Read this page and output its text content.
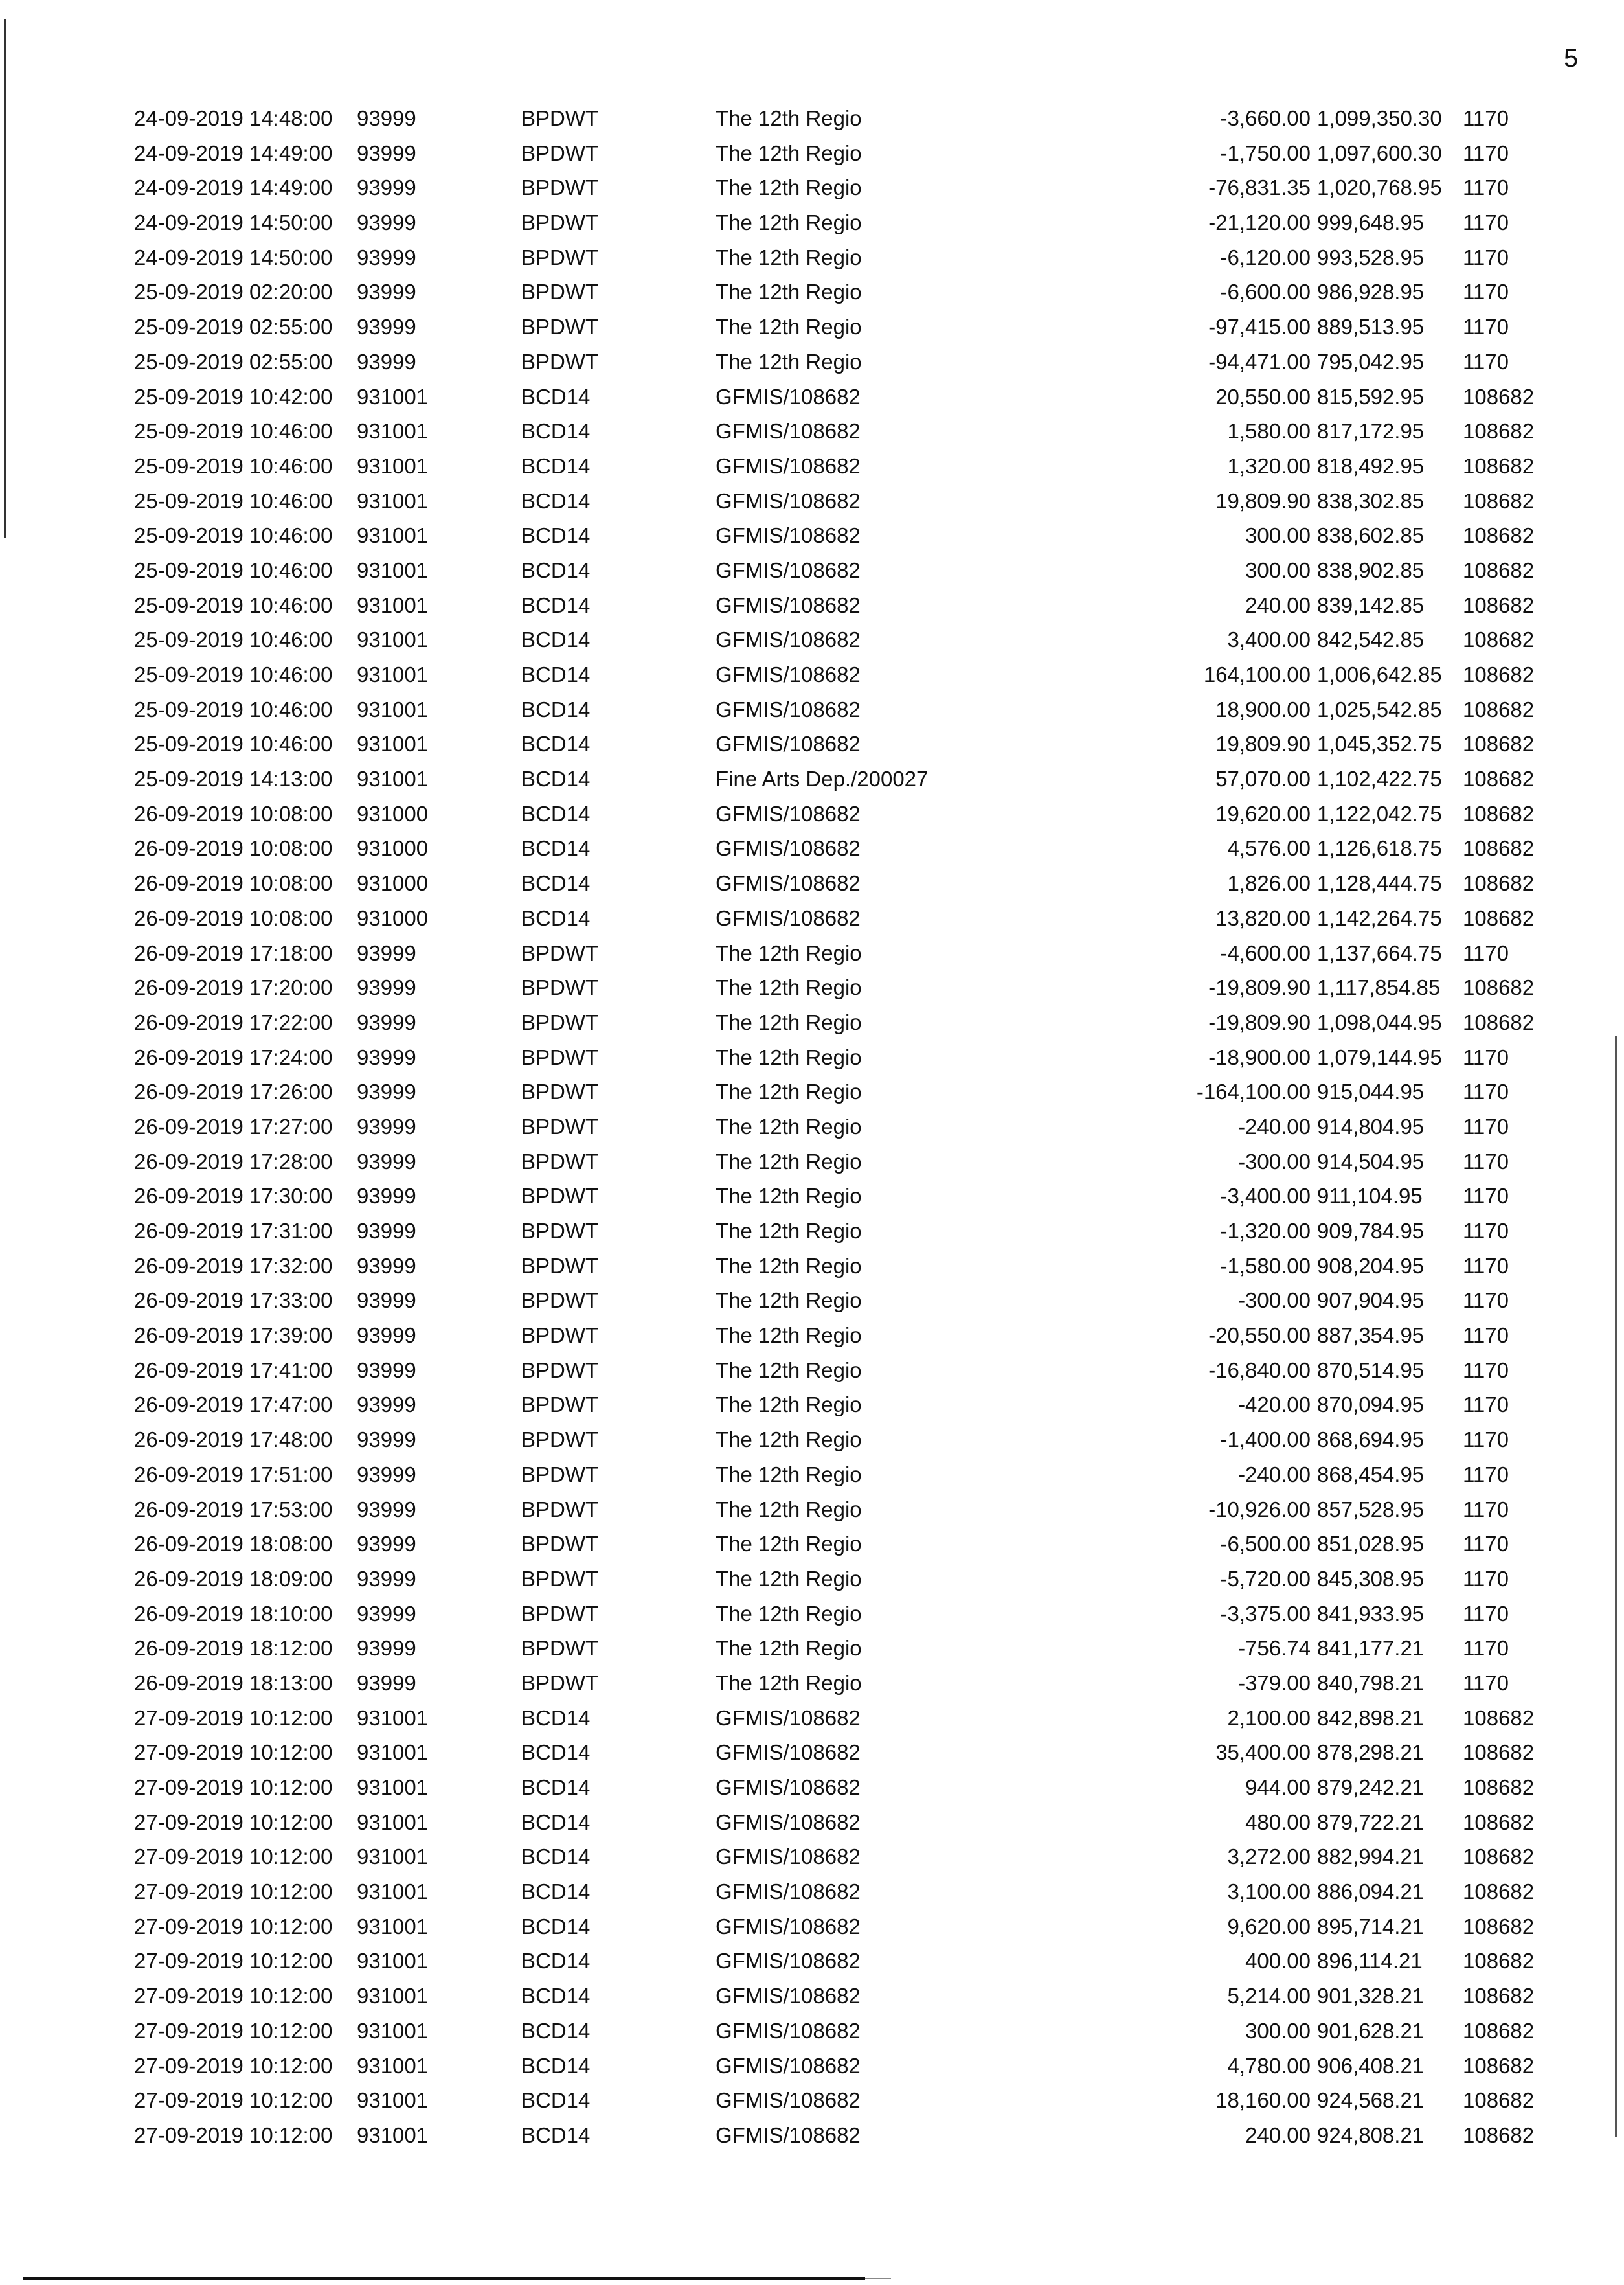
5
24-09-2019 14:48:00 93999	BPDWT	The 12th Regio	-3,660.00 1,099,350.30 1170
24-09-2019 14:49:00 93999	BPDWT	The 12th Regio	-1,750.00 1,097,600.30 1170
24-09-2019 14:49:00 93999	BPDWT	The 12th Regio	-76,831.35 1,020,768.95 1170
24-09-2019 14:50:00 93999	BPDWT	The 12th Regio	-21,120.00 999,648.95 1170
24-09-2019 14:50:00 93999	BPDWT	The 12th Regio	-6,120.00 993,528.95 1170
25-09-2019 02:20:00 93999	BPDWT	The 12th Regio	-6,600.00 986,928.95 1170
25-09-2019 02:55:00 93999	BPDWT	The 12th Regio	-97,415.00 889,513.95 1170
25-09-2019 02:55:00 93999	BPDWT	The 12th Regio	-94,471.00 795,042.95 1170
25-09-2019 10:42:00 931001	BCD14	GFMIS/108682	20,550.00 815,592.95 108682
25-09-2019 10:46:00 931001	BCD14	GFMIS/108682	1,580.00 817,172.95 108682
25-09-2019 10:46:00 931001	BCD14	GFMIS/108682	1,320.00 818,492.95 108682
25-09-2019 10:46:00 931001	BCD14	GFMIS/108682	19,809.90 838,302.85 108682
25-09-2019 10:46:00 931001	BCD14	GFMIS/108682	300.00 838,602.85 108682
25-09-2019 10:46:00 931001	BCD14	GFMIS/108682	300.00 838,902.85 108682
25-09-2019 10:46:00 931001	BCD14	GFMIS/108682	240.00 839,142.85 108682
25-09-2019 10:46:00 931001	BCD14	GFMIS/108682	3,400.00 842,542.85 108682
25-09-2019 10:46:00 931001	BCD14	GFMIS/108682	164,100.00 1,006,642.85 108682
25-09-2019 10:46:00 931001	BCD14	GFMIS/108682	18,900.00 1,025,542.85 108682
25-09-2019 10:46:00 931001	BCD14	GFMIS/108682	19,809.90 1,045,352.75 108682
25-09-2019 14:13:00 931001	BCD14	Fine Arts Dep./200027	57,070.00 1,102,422.75 108682
26-09-2019 10:08:00 931000	BCD14	GFMIS/108682	19,620.00 1,122,042.75 108682
26-09-2019 10:08:00 931000	BCD14	GFMIS/108682	4,576.00 1,126,618.75 108682
26-09-2019 10:08:00 931000	BCD14	GFMIS/108682	1,826.00 1,128,444.75 108682
26-09-2019 10:08:00 931000	BCD14	GFMIS/108682	13,820.00 1,142,264.75 108682
26-09-2019 17:18:00 93999	BPDWT	The 12th Regio	-4,600.00 1,137,664.75 1170
26-09-2019 17:20:00 93999	BPDWT	The 12th Regio	-19,809.90 1,117,854.85 108682
26-09-2019 17:22:00 93999	BPDWT	The 12th Regio	-19,809.90 1,098,044.95 108682
26-09-2019 17:24:00 93999	BPDWT	The 12th Regio	-18,900.00 1,079,144.95 1170
26-09-2019 17:26:00 93999	BPDWT	The 12th Regio	-164,100.00 915,044.95 1170
26-09-2019 17:27:00 93999	BPDWT	The 12th Regio	-240.00 914,804.95 1170
26-09-2019 17:28:00 93999	BPDWT	The 12th Regio	-300.00 914,504.95 1170
26-09-2019 17:30:00 93999	BPDWT	The 12th Regio	-3,400.00 911,104.95 1170
26-09-2019 17:31:00 93999	BPDWT	The 12th Regio	-1,320.00 909,784.95 1170
26-09-2019 17:32:00 93999	BPDWT	The 12th Regio	-1,580.00 908,204.95 1170
26-09-2019 17:33:00 93999	BPDWT	The 12th Regio	-300.00 907,904.95 1170
26-09-2019 17:39:00 93999	BPDWT	The 12th Regio	-20,550.00 887,354.95 1170
26-09-2019 17:41:00 93999	BPDWT	The 12th Regio	-16,840.00 870,514.95 1170
26-09-2019 17:47:00 93999	BPDWT	The 12th Regio	-420.00 870,094.95 1170
26-09-2019 17:48:00 93999	BPDWT	The 12th Regio	-1,400.00 868,694.95 1170
26-09-2019 17:51:00 93999	BPDWT	The 12th Regio	-240.00 868,454.95 1170
26-09-2019 17:53:00 93999	BPDWT	The 12th Regio	-10,926.00 857,528.95 1170
26-09-2019 18:08:00 93999	BPDWT	The 12th Regio	-6,500.00 851,028.95 1170
26-09-2019 18:09:00 93999	BPDWT	The 12th Regio	-5,720.00 845,308.95 1170
26-09-2019 18:10:00 93999	BPDWT	The 12th Regio	-3,375.00 841,933.95 1170
26-09-2019 18:12:00 93999	BPDWT	The 12th Regio	-756.74 841,177.21 1170
26-09-2019 18:13:00 93999	BPDWT	The 12th Regio	-379.00 840,798.21 1170
27-09-2019 10:12:00 931001	BCD14	GFMIS/108682	2,100.00 842,898.21 108682
27-09-2019 10:12:00 931001	BCD14	GFMIS/108682	35,400.00 878,298.21 108682
27-09-2019 10:12:00 931001	BCD14	GFMIS/108682	944.00 879,242.21 108682
27-09-2019 10:12:00 931001	BCD14	GFMIS/108682	480.00 879,722.21 108682
27-09-2019 10:12:00 931001	BCD14	GFMIS/108682	3,272.00 882,994.21 108682
27-09-2019 10:12:00 931001	BCD14	GFMIS/108682	3,100.00 886,094.21 108682
27-09-2019 10:12:00 931001	BCD14	GFMIS/108682	9,620.00 895,714.21 108682
27-09-2019 10:12:00 931001	BCD14	GFMIS/108682	400.00 896,114.21 108682
27-09-2019 10:12:00 931001	BCD14	GFMIS/108682	5,214.00 901,328.21 108682
27-09-2019 10:12:00 931001	BCD14	GFMIS/108682	300.00 901,628.21 108682
27-09-2019 10:12:00 931001	BCD14	GFMIS/108682	4,780.00 906,408.21 108682
27-09-2019 10:12:00 931001	BCD14	GFMIS/108682	18,160.00 924,568.21 108682
27-09-2019 10:12:00 931001	BCD14	GFMIS/108682	240.00 924,808.21 108682
